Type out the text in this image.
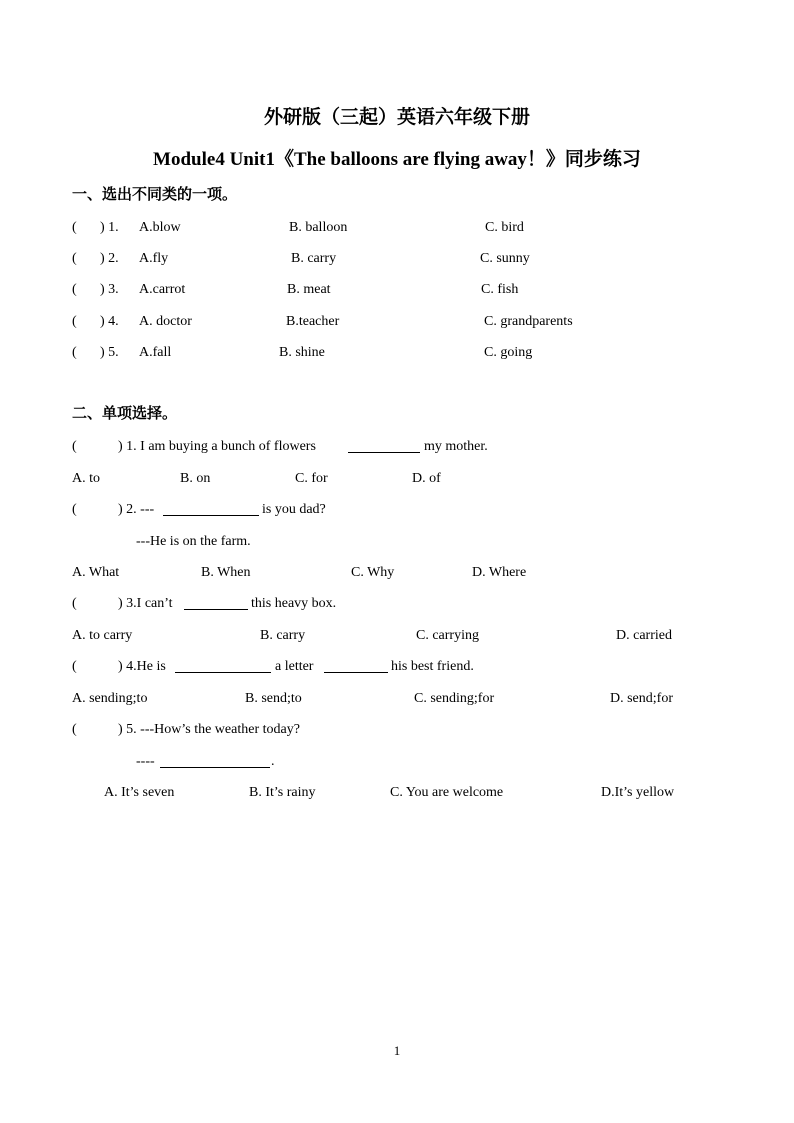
外研版（三起）英语六年级下册
Module4 Unit1《The balloons are flying away！》同步练习
一、选出不同类的一项。
( ) 1. A.blow	B. balloon	C. bird
( ) 2. A.fly	B. carry	C. sunny
( ) 3. A.carrot	B. meat	C. fish
( ) 4. A. doctor	B.teacher	C. grandparents
( ) 5. A.fall	B. shine	C. going
二、单项选择。
(	) 1. I am buying a bunch of flowers	my mother.
A. to	B. on	C. for	D. of
(	) 2. ---	is you dad?
---He is on the farm.
A. What	B. When	C. Why	D. Where
(	) 3.I can’t	this heavy box.
A. to carry	B. carry	C. carrying	D. carried
(	) 4.He is	a letter	his best friend.
A. sending;to	B. send;to	C. sending;for	D. send;for
(	) 5. ---How’s the weather today?
----	.
A. It’s seven	B. It’s rainy	C. You are welcome	D.It’s yellow
1
